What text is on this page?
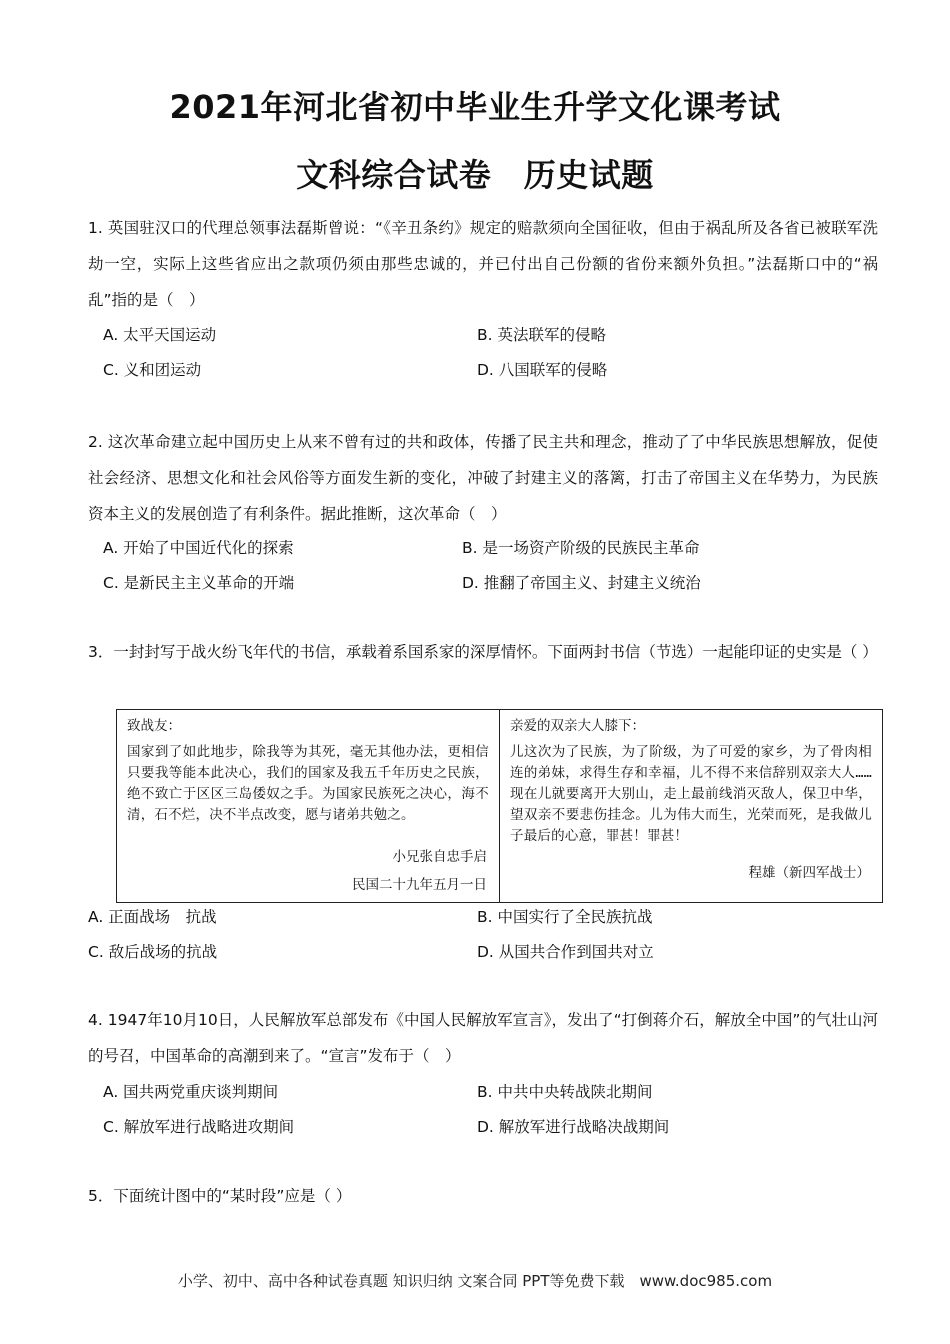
2021年河北省初中毕业生升学文化课考试
文科综合试卷　历史试题

1. 英国驻汉口的代理总领事法磊斯曾说：“《辛丑条约》规定的赔款须向全国征收，但由于祸乱所及各省已被联军洗劫一空，实际上这些省应出之款项仍须由那些忠诚的，并已付出自己份额的省份来额外负担。”法磊斯口中的“祸乱”指的是（　）

A. 太平天国运动	B. 英法联军的侵略
C. 义和团运动	D. 八国联军的侵略

2. 这次革命建立起中国历史上从来不曾有过的共和政体，传播了民主共和理念，推动了了中华民族思想解放，促使社会经济、思想文化和社会风俗等方面发生新的变化，冲破了封建主义的落篱，打击了帝国主义在华势力，为民族资本主义的发展创造了有利条件。据此推断，这次革命（　）

A. 开始了中国近代化的探索	B. 是一场资产阶级的民族民主革命
C. 是新民主主义革命的开端	D. 推翻了帝国主义、封建主义统治

3．一封封写于战火纷飞年代的书信，承载着系国系家的深厚情怀。下面两封书信（节选）一起能印证的史实是（ ）

致战友：

国家到了如此地步，除我等为其死，毫无其他办法，更相信只要我等能本此决心，我们的国家及我五千年历史之民族，绝不致亡于区区三岛倭奴之手。为国家民族死之决心，海不清，石不烂，决不半点改变，愿与诸弟共勉之。

小兄张自忠手启
民国二十九年五月一日

亲爱的双亲大人膝下：

儿这次为了民族，为了阶级，为了可爱的家乡，为了骨肉相连的弟妹，求得生存和幸福，儿不得不来信辞别双亲大人……现在儿就要离开大别山，走上最前线消灭敌人，保卫中华，望双亲不要悲伤挂念。儿为伟大而生，光荣而死，是我做儿子最后的心意，罪甚！罪甚！

程雄（新四军战士）
A. 正面战场　抗战	B. 中国实行了全民族抗战
C. 敌后战场的抗战	D. 从国共合作到国共对立

4. 1947年10月10日，人民解放军总部发布《中国人民解放军宣言》，发出了“打倒蒋介石，解放全中国”的气壮山河的号召，中国革命的高潮到来了。“宣言”发布于（　）

A. 国共两党重庆谈判期间	B. 中共中央转战陕北期间
C. 解放军进行战略进攻期间	D. 解放军进行战略决战期间

5．下面统计图中的“某时段”应是（ ）

小学、初中、高中各种试卷真题 知识归纳 文案合同 PPT等免费下载　www.doc985.com
